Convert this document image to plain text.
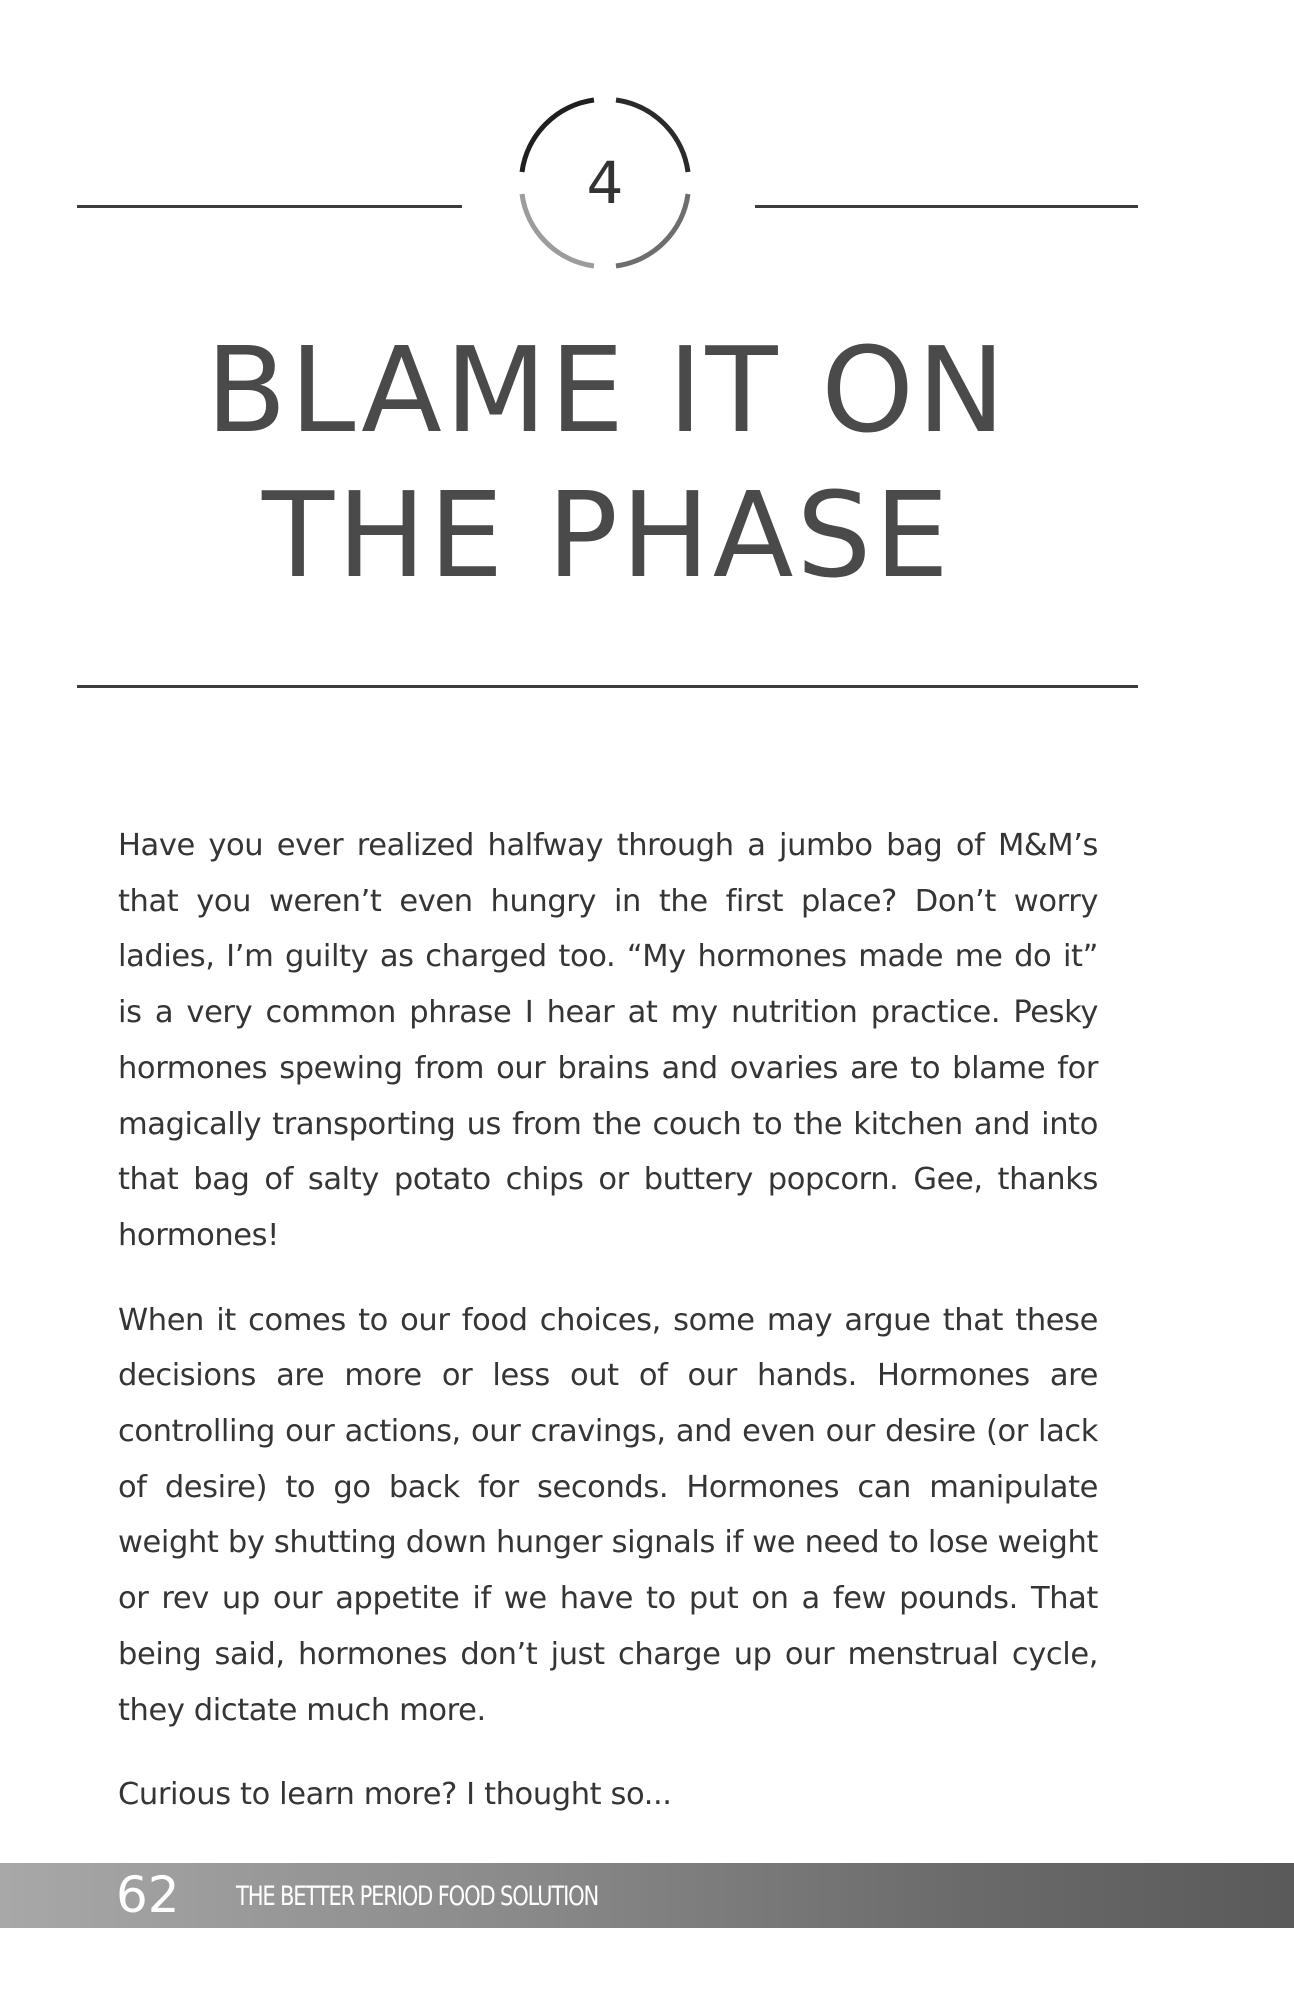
4
BLAME IT ON
THE PHASE

Have you ever realized halfway through a jumbo bag of M&M’s that you weren’t even hungry in the first place? Don’t worry ladies, I’m guilty as charged too. “My hormones made me do it” is a very common phrase I hear at my nutrition practice. Pesky hormones spewing from our brains and ovaries are to blame for magically transporting us from the couch to the kitchen and into that bag of salty potato chips or buttery popcorn. Gee, thanks hormones!

When it comes to our food choices, some may argue that these decisions are more or less out of our hands. Hormones are controlling our actions, our cravings, and even our desire (or lack of desire) to go back for seconds. Hormones can manipulate weight by shutting down hunger signals if we need to lose weight or rev up our appetite if we have to put on a few pounds. That being said, hormones don’t just charge up our menstrual cycle, they dictate much more.

Curious to learn more? I thought so...

62 THE BETTER PERIOD FOOD SOLUTION
